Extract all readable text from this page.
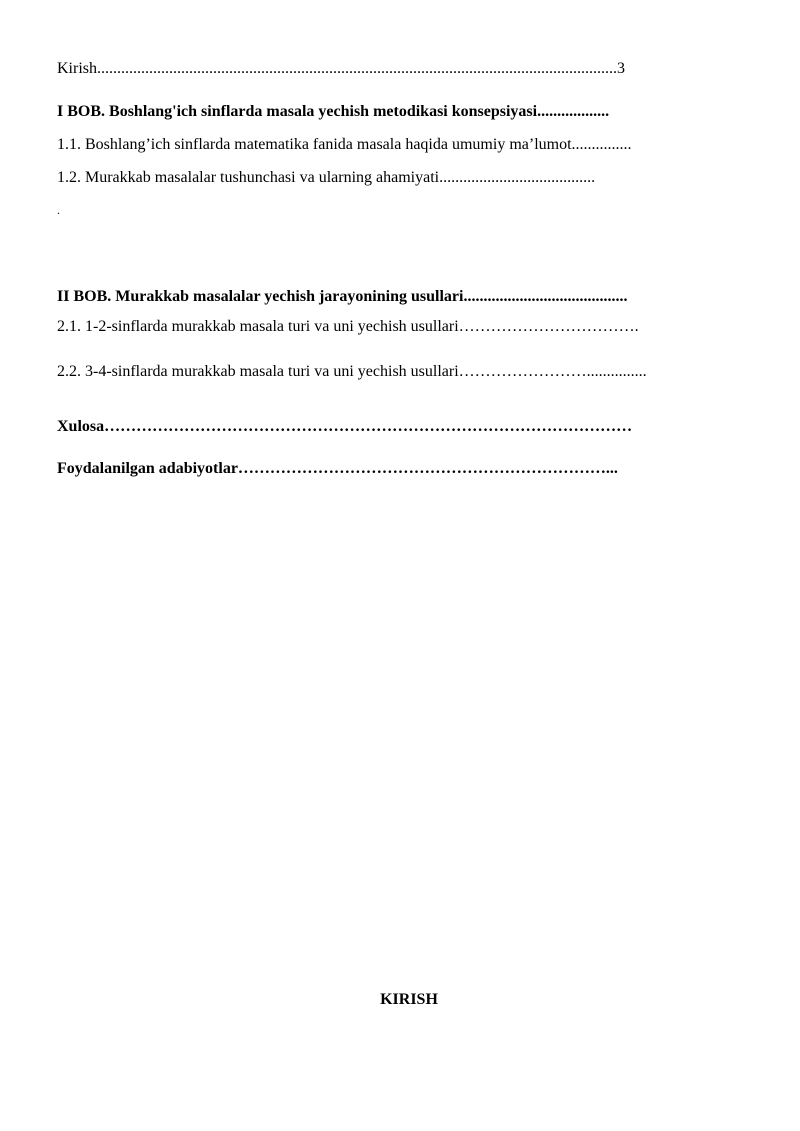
Kirish..................................................................................................................................3
I BOB. Boshlang'ich sinflarda masala yechish metodikasi konsepsiyasi..................
1.1. Boshlang’ich sinflarda matematika fanida masala haqida umumiy ma’lumot...............
1.2. Murakkab masalalar tushunchasi va ularning ahamiyati.......................................
.
II BOB. Murakkab masalalar yechish jarayonining usullari.........................................
2.1. 1-2-sinflarda murakkab masala turi va uni yechish usullari…………………………….
2.2. 3-4-sinflarda murakkab masala turi va uni yechish usullari……………………...............
Xulosa………………………………………………………………………………………
Foydalanilgan adabiyotlar……………………………………………………………...
KIRISH
